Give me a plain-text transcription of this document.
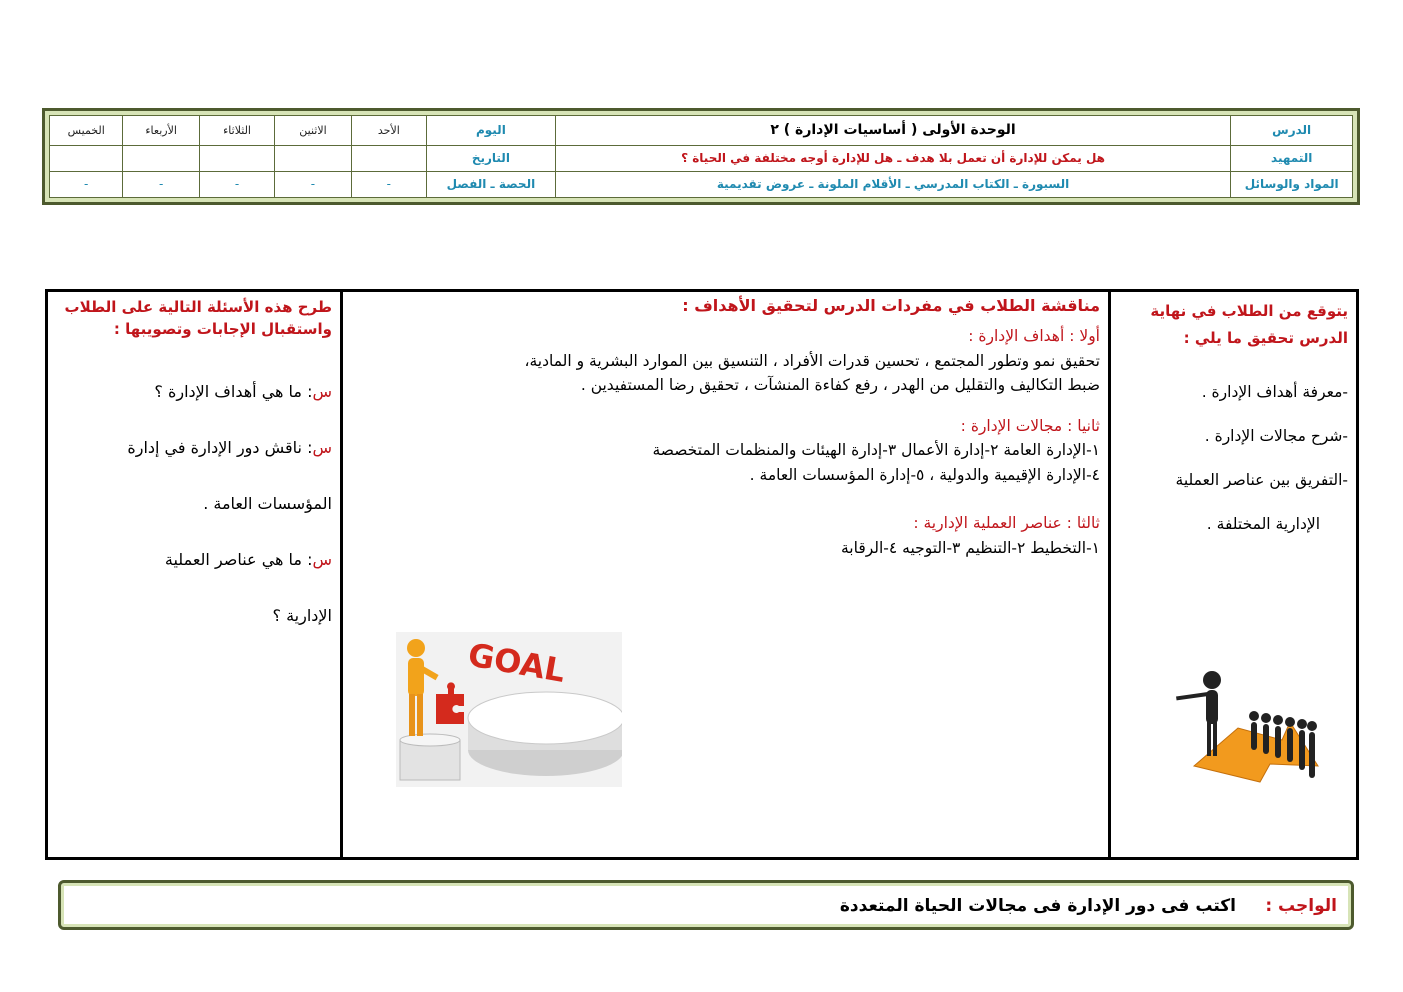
الدرس	الوحدة الأولى ( أساسيات الإدارة ) ٢	اليوم	الأحد	الاثنين	الثلاثاء	الأربعاء	الخميس
التمهيد	هل يمكن للإدارة أن تعمل بلا هدف ـ هل للإدارة أوجه مختلفة في الحياة ؟	التاريخ					
المواد والوسائل	السبورة ـ الكتاب المدرسي ـ الأقلام الملونة ـ عروض تقديمية	الحصة ـ الفصل	-	-	-	-	-
يتوقع من الطلاب في نهاية
الدرس تحقيق ما يلي :
-معرفة أهداف الإدارة .
-شرح مجالات الإدارة .
-التفريق بين عناصر العملية
الإدارية المختلفة .
مناقشة الطلاب في مفردات الدرس لتحقيق الأهداف :
أولا : أهداف الإدارة :
تحقيق نمو وتطور المجتمع ، تحسين قدرات الأفراد ، التنسيق بين الموارد البشرية و المادية،
ضبط التكاليف والتقليل من الهدر ، رفع كفاءة المنشآت ، تحقيق رضا المستفيدين .
ثانيا : مجالات الإدارة :
١-الإدارة العامة ٢-إدارة الأعمال ٣-إدارة الهيئات والمنظمات المتخصصة
٤-الإدارة الإقيمية والدولية ، ٥-إدارة المؤسسات العامة .
ثالثا : عناصر العملية الإدارية :
١-التخطيط ٢-التنظيم ٣-التوجيه ٤-الرقابة
طرح هذه الأسئلة التالية على الطلاب
واستقبال الإجابات وتصويبها :
س: ما هي أهداف الإدارة ؟
س: ناقش دور الإدارة في إدارة
المؤسسات العامة .
س: ما هي عناصر العملية
الإدارية ؟
GOAL
الواجب :
اكتب فى دور الإدارة فى مجالات الحياة المتعددة
